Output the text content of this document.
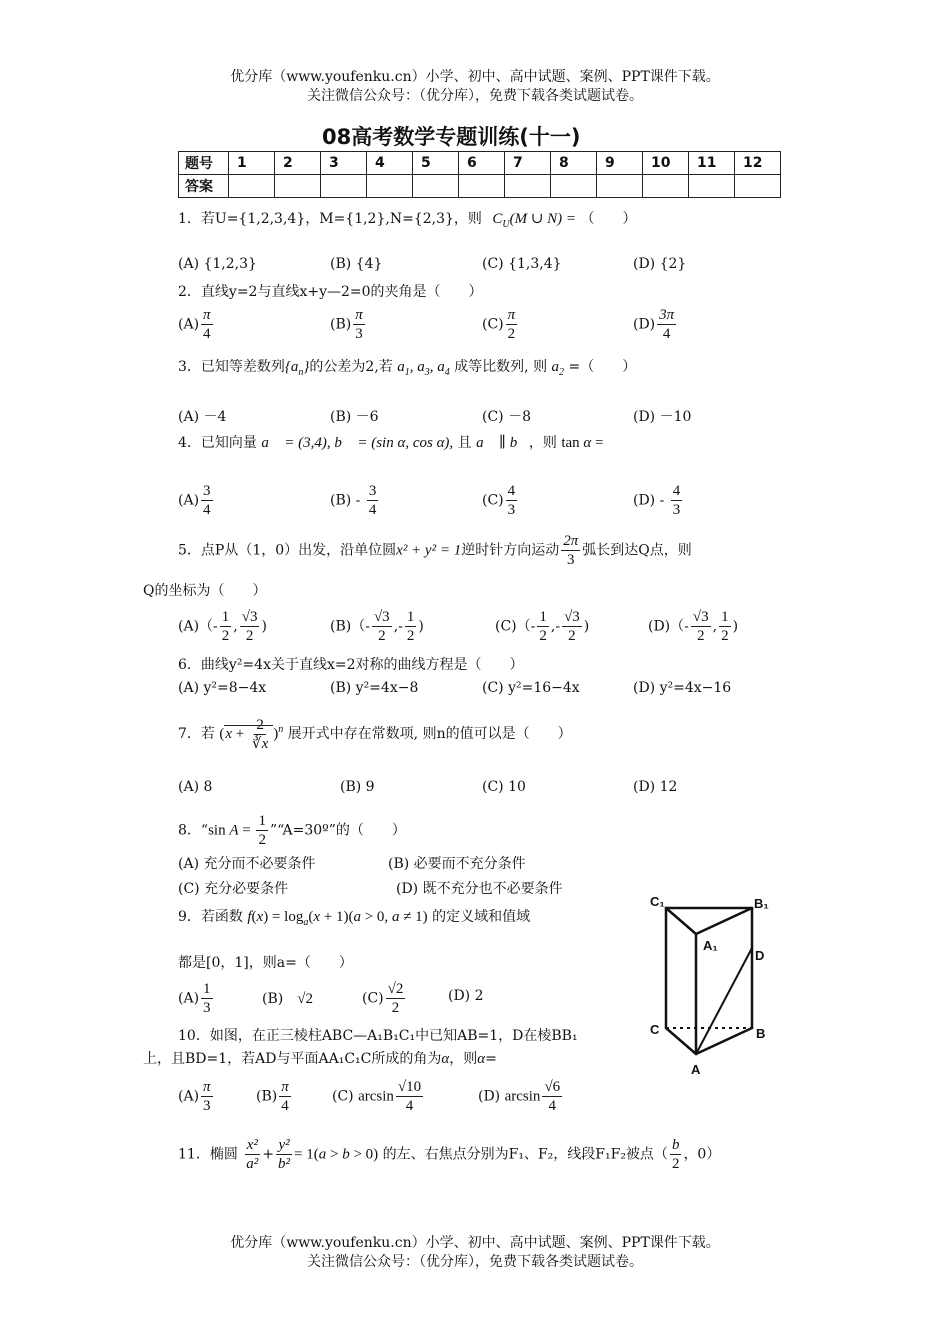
优分库（www.youfenku.cn）小学、初中、高中试题、案例、PPT课件下载。
关注微信公众号：（优分库），免费下载各类试题试卷。
08高考数学专题训练(十一)
题号	1	2	3	4	5	6	7	8	9	10	11	12
答案												
1．若U={1,2,3,4}，M={1,2},N={2,3}，则 $C_U(M$ ∪ N) = （　　）
(A) {1,2,3}	(B) {4}	(C) {1,3,4}	(D) {2}
2．直线y=2与直线x+y—2=0的夹角是（　　）
$(A) \frac{\pi}{4}$	$(B) \frac{\pi}{3}$	$(C) \frac{\pi}{2}$	$(D) \frac{3\pi}{4}$
3．已知等差数列$\{a_n\}$的公差为2,若 $a_1$, $a_3$, $a_4$ 成等比数列, 则 $a_2$ =（　　）
(A) －4	(B) －6	(C) －8	(D) －10
4．已知向量 a⃗ = (3,4), b⃗ = (sin α, cos α), 且 a⃗ ∥ b⃗，则 tan α =
$(A) \frac{3}{4}$	$(B) - \frac{3}{4}$	$(C) \frac{4}{3}$	$(D) - \frac{4}{3}$
5．点P从（1，0）出发，沿单位圆x² + y² = 1逆时针方向运动 $\frac{2\pi}{3}$ 弧长到达Q点，则
Q的坐标为（　　）
$(A)(- \frac{1}{2}$ , $\frac{√3}{2}$ )	$(B)(- \frac{√3}{2}$ ,- $\frac{1}{2}$ )	$(C)(- \frac{1}{2}$ ,- $\frac{√3}{2}$ )	$(D)(- \frac{√3}{2}$ , $\frac{1}{2}$ )
6．曲线y²=4x关于直线x=2对称的曲线方程是（　　）
(A) y²=8−4x	(B) y²=4x−8	(C) y²=16−4x	(D) y²=4x−16
7．若 $(x + \frac{2}{∛x} )^n$ 展开式中存在常数项, 则n的值可以是（　　）
(A) 8	(B) 9	(C) 10	(D) 12
8．“sin $A = \frac{1}{2}$ ”“A=30º”的（　　）
(A) 充分而不必要条件	(B) 必要而不充分条件
(C) 充分必要条件	(D) 既不充分也不必要条件
9．若函数 $f(x) = \log_a(x + 1)(a > 0$, a ≠ 1) 的定义域和值域
都是[0，1]，则a=（　　）
$(A) \frac{1}{3}$	(B)　 √2	$(C) \frac{√2}{2}$	(D) 2
10．如图，在正三棱柱ABC—A₁B₁C₁中已知AB=1，D在棱BB₁
上，且BD=1，若AD与平面AA₁C₁C所成的角为α，则α=
$(A) \frac{\pi}{3}$	$(B) \frac{\pi}{4}$	(C) $\arcsin \frac{√10}{4}$	(D) $\arcsin \frac{√6}{4}$
11．椭圆 $\frac{\text{x²}}{\text{a²}} + \frac{\text{y²}}{\text{b²}} = 1(a > b > 0)$ 的左、右焦点分别为F₁、F₂，线段F₁F₂被点（ $\frac{b}{2}$ ，0）
C₁	B₁
A₁
D
C	B
A
优分库（www.youfenku.cn）小学、初中、高中试题、案例、PPT课件下载。
关注微信公众号：（优分库），免费下载各类试题试卷。
